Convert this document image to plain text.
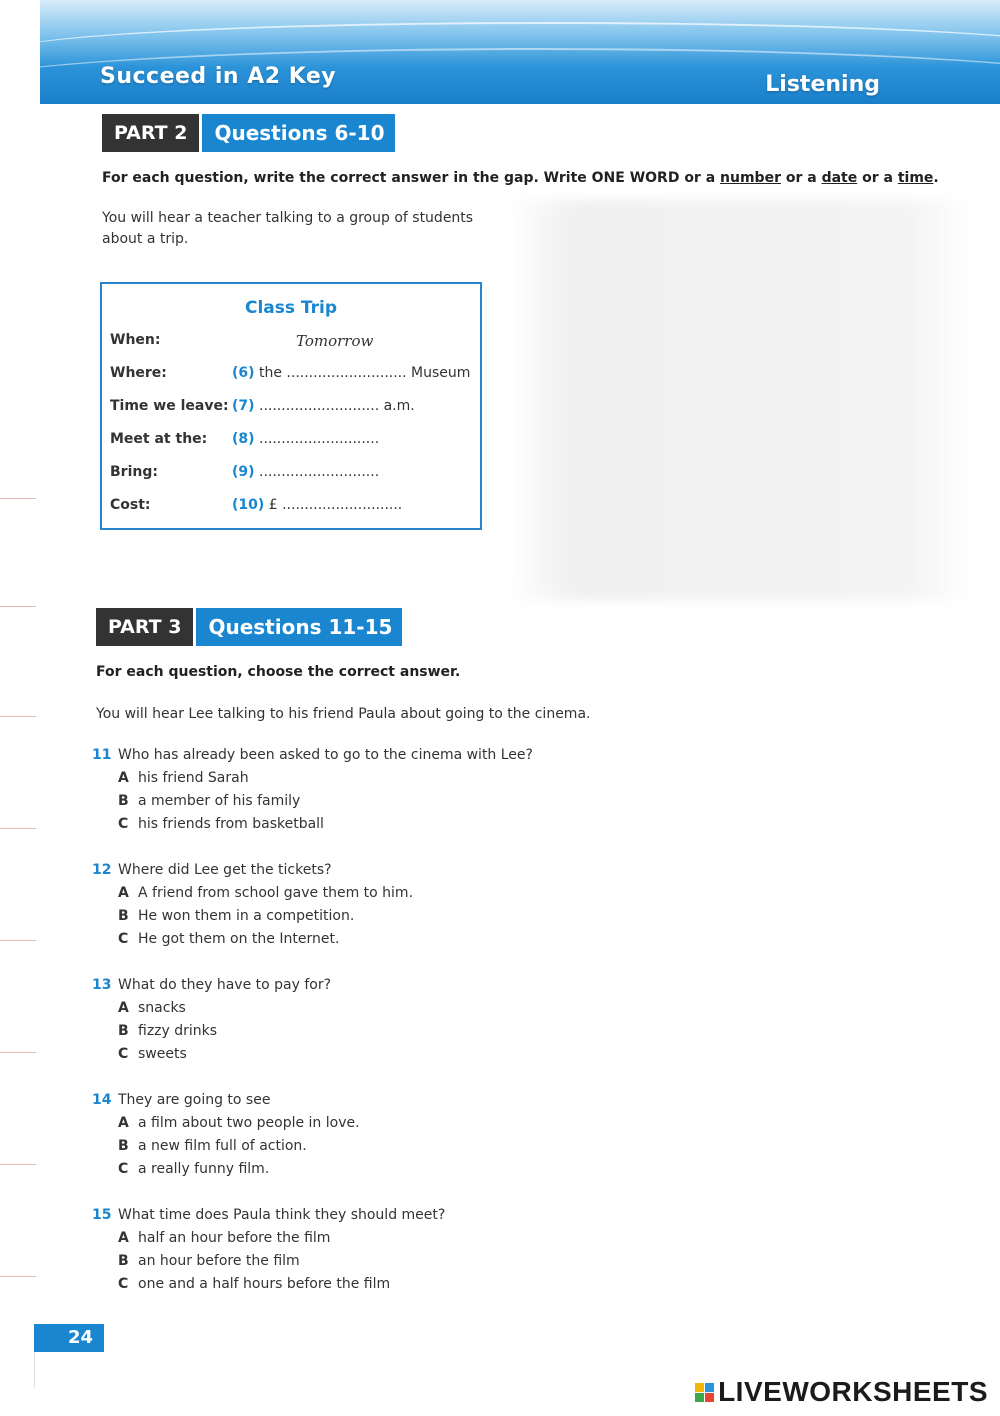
Succeed in A2 Key	Listening
PART 2	Questions 6-10
For each question, write the correct answer in the gap. Write ONE WORD or a number or a date or a time.
You will hear a teacher talking to a group of students
about a trip.
Class Trip
When:	Tomorrow
Where:	(6) the ........................... Museum
Time we leave: (7) ........................... a.m.
Meet at the: (8) ...........................
Bring:	(9) ...........................
Cost:	(10) £ ...........................
PART 3	Questions 11-15
For each question, choose the correct answer.
You will hear Lee talking to his friend Paula about going to the cinema.
11 Who has already been asked to go to the cinema with Lee?
A his friend Sarah
B a member of his family
C his friends from basketball
12 Where did Lee get the tickets?
A A friend from school gave them to him.
B He won them in a competition.
C He got them on the Internet.
13 What do they have to pay for?
A snacks
B fizzy drinks
C sweets
14 They are going to see
A a film about two people in love.
B a new film full of action.
C a really funny film.
15 What time does Paula think they should meet?
A half an hour before the film
B an hour before the film
C one and a half hours before the film
24
LIVEWORKSHEETS
